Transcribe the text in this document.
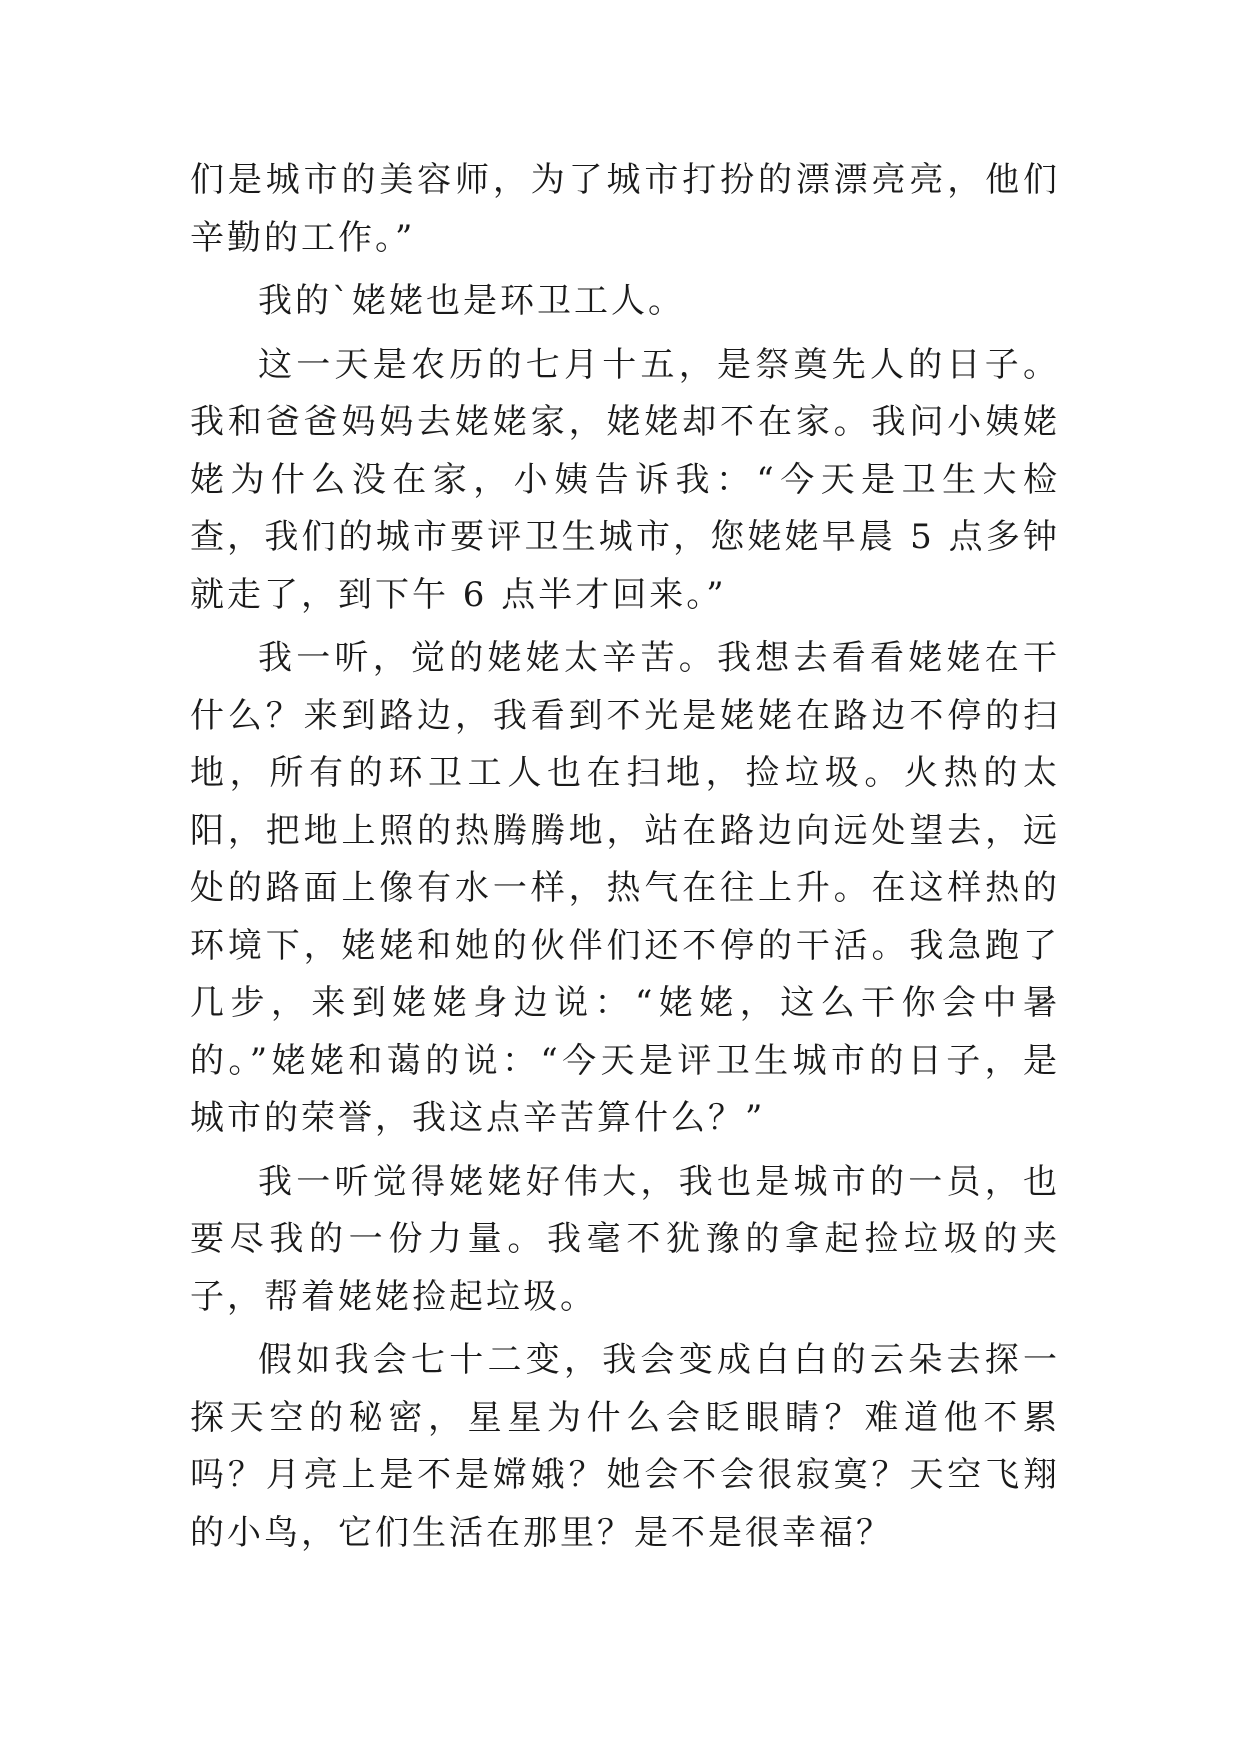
们是城市的美容师，为了城市打扮的漂漂亮亮，他们辛勤的工作。”

我的`姥姥也是环卫工人。

这一天是农历的七月十五，是祭奠先人的日子。我和爸爸妈妈去姥姥家，姥姥却不在家。我问小姨姥姥为什么没在家，小姨告诉我：“今天是卫生大检查，我们的城市要评卫生城市，您姥姥早晨 5 点多钟就走了，到下午 6 点半才回来。”

我一听，觉的姥姥太辛苦。我想去看看姥姥在干什么？来到路边，我看到不光是姥姥在路边不停的扫地，所有的环卫工人也在扫地，捡垃圾。火热的太阳，把地上照的热腾腾地，站在路边向远处望去，远处的路面上像有水一样，热气在往上升。在这样热的环境下，姥姥和她的伙伴们还不停的干活。我急跑了几步，来到姥姥身边说：“姥姥，这么干你会中暑的。”姥姥和蔼的说：“今天是评卫生城市的日子，是城市的荣誉，我这点辛苦算什么？”

我一听觉得姥姥好伟大，我也是城市的一员，也要尽我的一份力量。我毫不犹豫的拿起捡垃圾的夹子，帮着姥姥捡起垃圾。

假如我会七十二变，我会变成白白的云朵去探一探天空的秘密，星星为什么会眨眼睛？难道他不累吗？月亮上是不是嫦娥？她会不会很寂寞？天空飞翔的小鸟，它们生活在那里？是不是很幸福？
